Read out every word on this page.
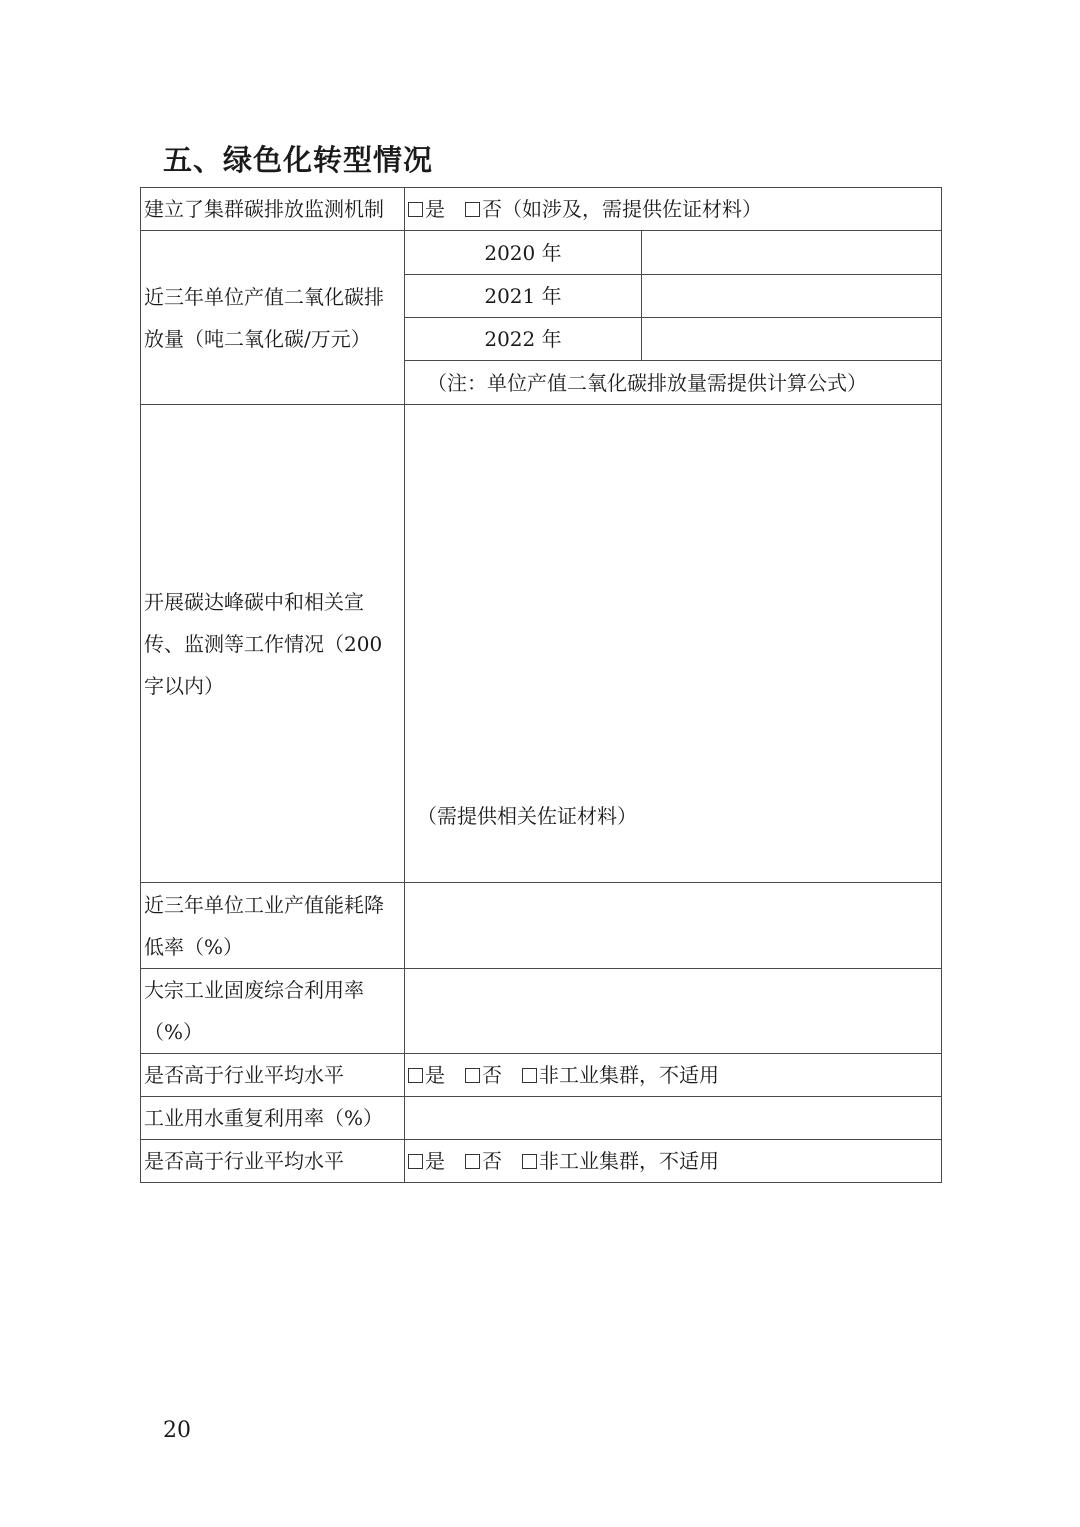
五、绿色化转型情况
建立了集群碳排放监测机制	是 否（如涉及，需提供佐证材料）	
近三年单位产值二氧化碳排放量（吨二氧化碳/万元）	2020 年	
	2021 年	
	2022 年	
	（注：单位产值二氧化碳排放量需提供计算公式）	
开展碳达峰碳中和相关宣传、监测等工作情况（200字以内）	（需提供相关佐证材料）	

近三年单位工业产值能耗降低率（%）		
大宗工业固废综合利用率（%）		
是否高于行业平均水平	是 否 非工业集群，不适用	
工业用水重复利用率（%）		
是否高于行业平均水平	是 否 非工业集群，不适用	
20
